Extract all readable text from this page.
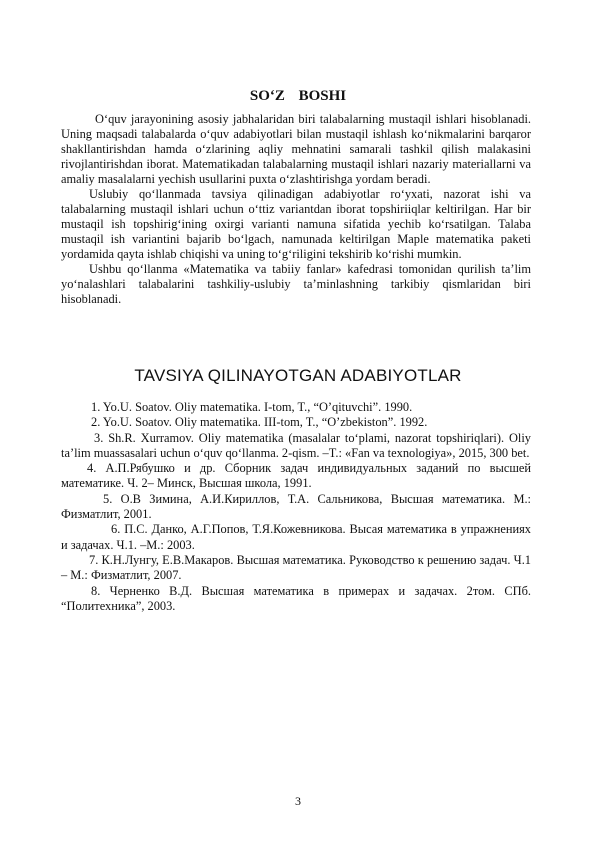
SO‘Z BOSHI

O‘quv jarayonining asosiy jabhalaridan biri talabalarning mustaqil ishlari hisoblanadi. Uning maqsadi talabalarda o‘quv adabiyotlari bilan mustaqil ishlash ko‘nikmalarini barqaror shakllantirishdan hamda o‘zlarining aqliy mehnatini samarali tashkil qilish malakasini rivojlantirishdan iborat. Matematikadan talabalarning mustaqil ishlari nazariy materiallarni va amaliy masalalarni yechish usullarini puxta o‘zlashtirishga yordam beradi.

Uslubiy qo‘llanmada tavsiya qilinadigan adabiyotlar ro‘yxati, nazorat ishi va talabalarning mustaqil ishlari uchun o‘ttiz variantdan iborat topshiriiqlar keltirilgan. Har bir mustaqil ish topshirig‘ining oxirgi varianti namuna sifatida yechib ko‘rsatilgan. Talaba mustaqil ish variantini bajarib bo‘lgach, namunada keltirilgan Maple matematika paketi yordamida qayta ishlab chiqishi va uning to‘g‘riligini tekshirib ko‘rishi mumkin.

Ushbu qo‘llanma «Matematika va tabiiy fanlar» kafedrasi tomonidan qurilish ta’lim yo‘nalashlari talabalarini tashkiliy-uslubiy ta’minlashning tarkibiy qismlaridan biri hisoblanadi.

TAVSIYA QILINAYOTGAN ADABIYOTLAR

1. Yo.U. Soatov. Oliy matematika. I-tom, T., “O’qituvchi”. 1990.

2. Yo.U. Soatov. Oliy matematika. III-tom, T., “O’zbekiston”. 1992.

3. Sh.R. Xurramov. Oliy matematika (masalalar to‘plami, nazorat topshiriqlari). Oliy ta’lim muassasalari uchun o‘quv qo‘llanma. 2-qism. –T.: «Fan va texnologiya», 2015, 300 bet.

4. А.П.Рябушко и др. Сборник задач индивидуальных заданий по высшей математике. Ч. 2– Минск, Высшая школа, 1991.

5. О.В Зимина, А.И.Кириллов, Т.А. Сальникова, Высшая математика. М.: Физматлит, 2001.

6. П.С. Данко, А.Г.Попов, Т.Я.Кожевникова. Высая математика в упражнениях и задачах. Ч.1. –М.: 2003.

7. К.Н.Лунгу, Е.В.Макаров. Высшая математика. Руководство к решению задач. Ч.1 – М.: Физматлит, 2007.

8. Черненко В.Д. Высшая математика в примерах и задачах. 2том. СПб. “Политехника”, 2003.

3
